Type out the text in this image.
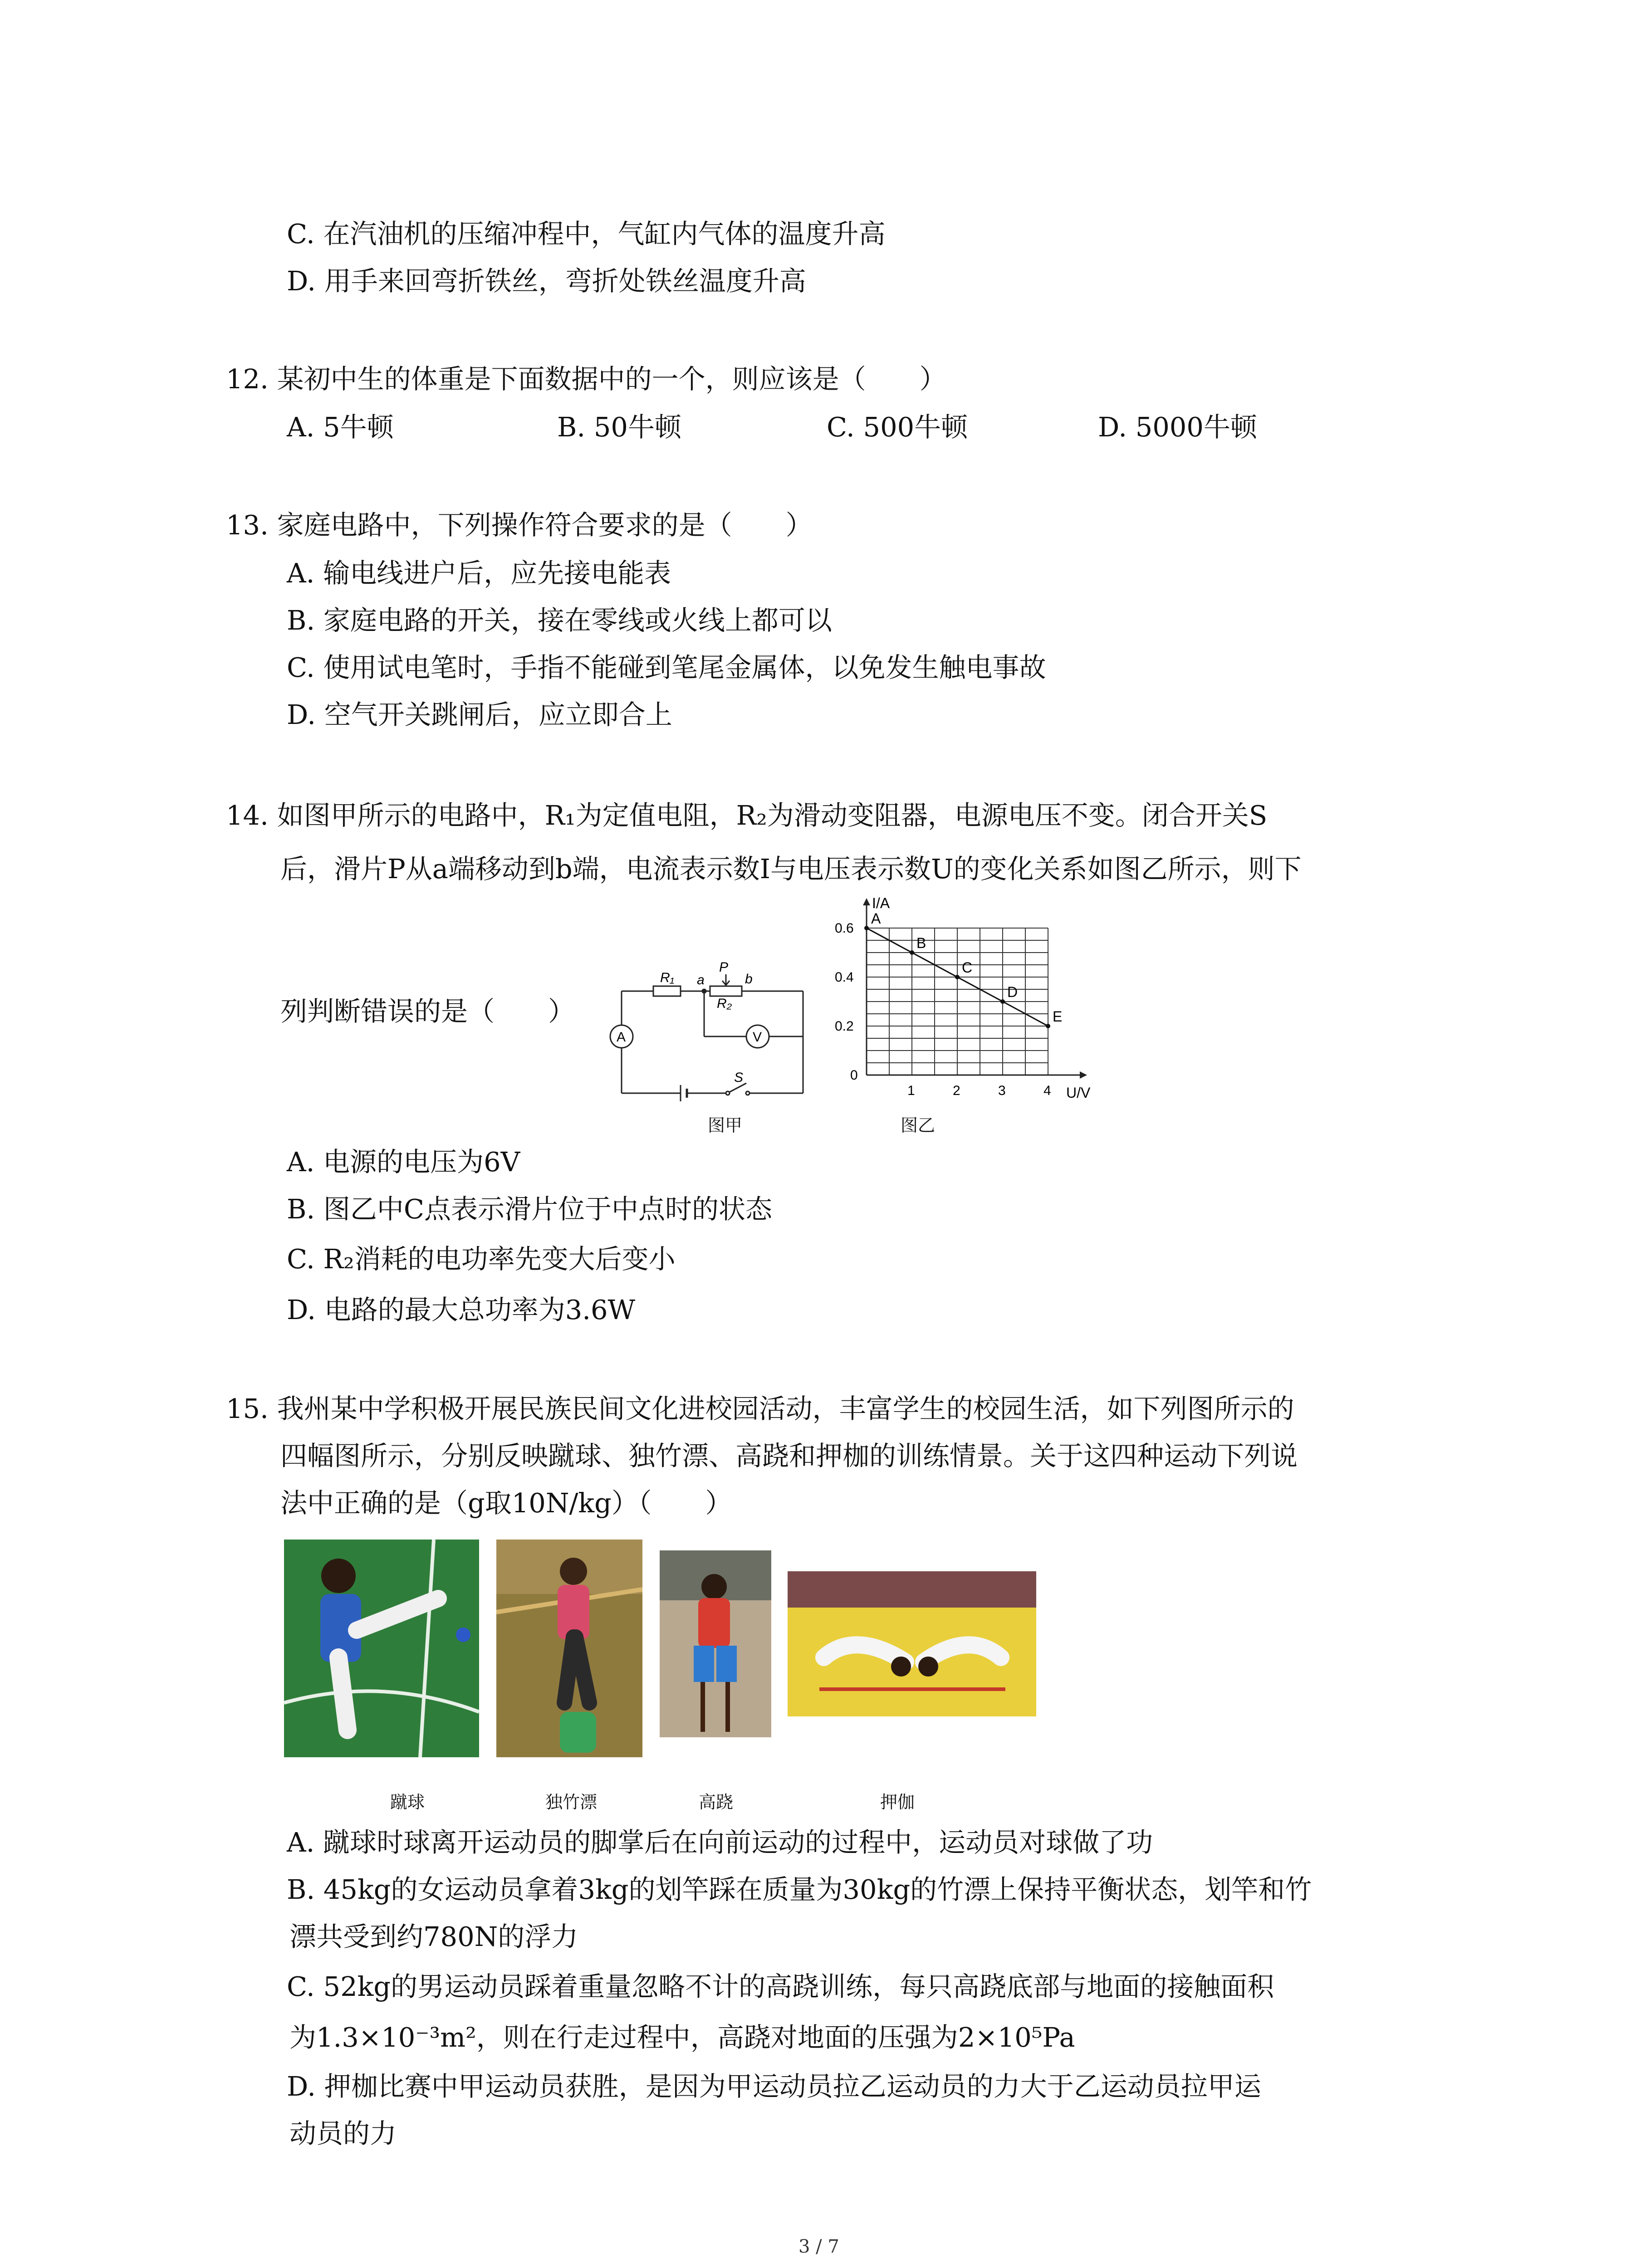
C. 在汽油机的压缩冲程中，气缸内气体的温度升高
D. 用手来回弯折铁丝，弯折处铁丝温度升高
12. 某初中生的体重是下面数据中的一个，则应该是（　　）
A. 5牛顿	B. 50牛顿	C. 500牛顿	D. 5000牛顿
13. 家庭电路中，下列操作符合要求的是（　　）
A. 输电线进户后，应先接电能表
B. 家庭电路的开关，接在零线或火线上都可以
C. 使用试电笔时，手指不能碰到笔尾金属体，以免发生触电事故
D. 空气开关跳闸后，应立即合上
14. 如图甲所示的电路中，R₁为定值电阻，R₂为滑动变阻器，电源电压不变。闭合开关S
后，滑片P从a端移动到b端，电流表示数I与电压表示数U的变化关系如图乙所示，则下
列判断错误的是（　　）
R₁
R₂
P
a	b
A	V
S
图甲
I/A
U/V
0
1	2	3	4
0.2
0.4
0.6
A
B
C
D
E
图乙
A. 电源的电压为6V
B. 图乙中C点表示滑片位于中点时的状态
C. R₂消耗的电功率先变大后变小
D. 电路的最大总功率为3.6W
15. 我州某中学积极开展民族民间文化进校园活动，丰富学生的校园生活，如下列图所示的
四幅图所示，分别反映蹴球、独竹漂、高跷和押枷的训练情景。关于这四种运动下列说
法中正确的是（g取10N/kg）（　　）
蹴球	独竹漂	高跷	押伽
A. 蹴球时球离开运动员的脚掌后在向前运动的过程中，运动员对球做了功
B. 45kg的女运动员拿着3kg的划竿踩在质量为30kg的竹漂上保持平衡状态，划竿和竹
漂共受到约780N的浮力
C. 52kg的男运动员踩着重量忽略不计的高跷训练，每只高跷底部与地面的接触面积
为1.3×10⁻³m²，则在行走过程中，高跷对地面的压强为2×10⁵Pa
D. 押枷比赛中甲运动员获胜，是因为甲运动员拉乙运动员的力大于乙运动员拉甲运
动员的力
3 / 7
